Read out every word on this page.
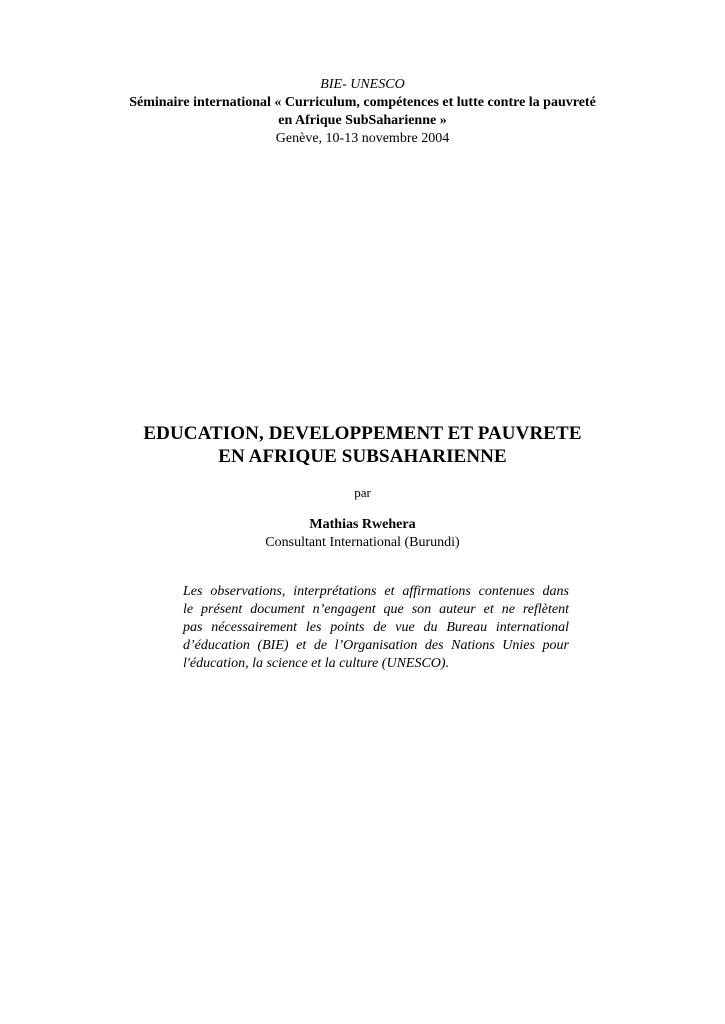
BIE- UNESCO
Séminaire international « Curriculum, compétences et lutte contre la pauvreté
en Afrique SubSaharienne »
Genève, 10-13 novembre 2004
EDUCATION, DEVELOPPEMENT ET PAUVRETE
EN AFRIQUE SUBSAHARIENNE
par
Mathias Rwehera
Consultant International (Burundi)
Les observations, interprétations et affirmations contenues dans
le présent document n’engagent que son auteur et ne reflètent
pas nécessairement les points de vue du Bureau international
d’éducation (BIE) et de l’Organisation des Nations Unies pour
l'éducation, la science et la culture (UNESCO).
